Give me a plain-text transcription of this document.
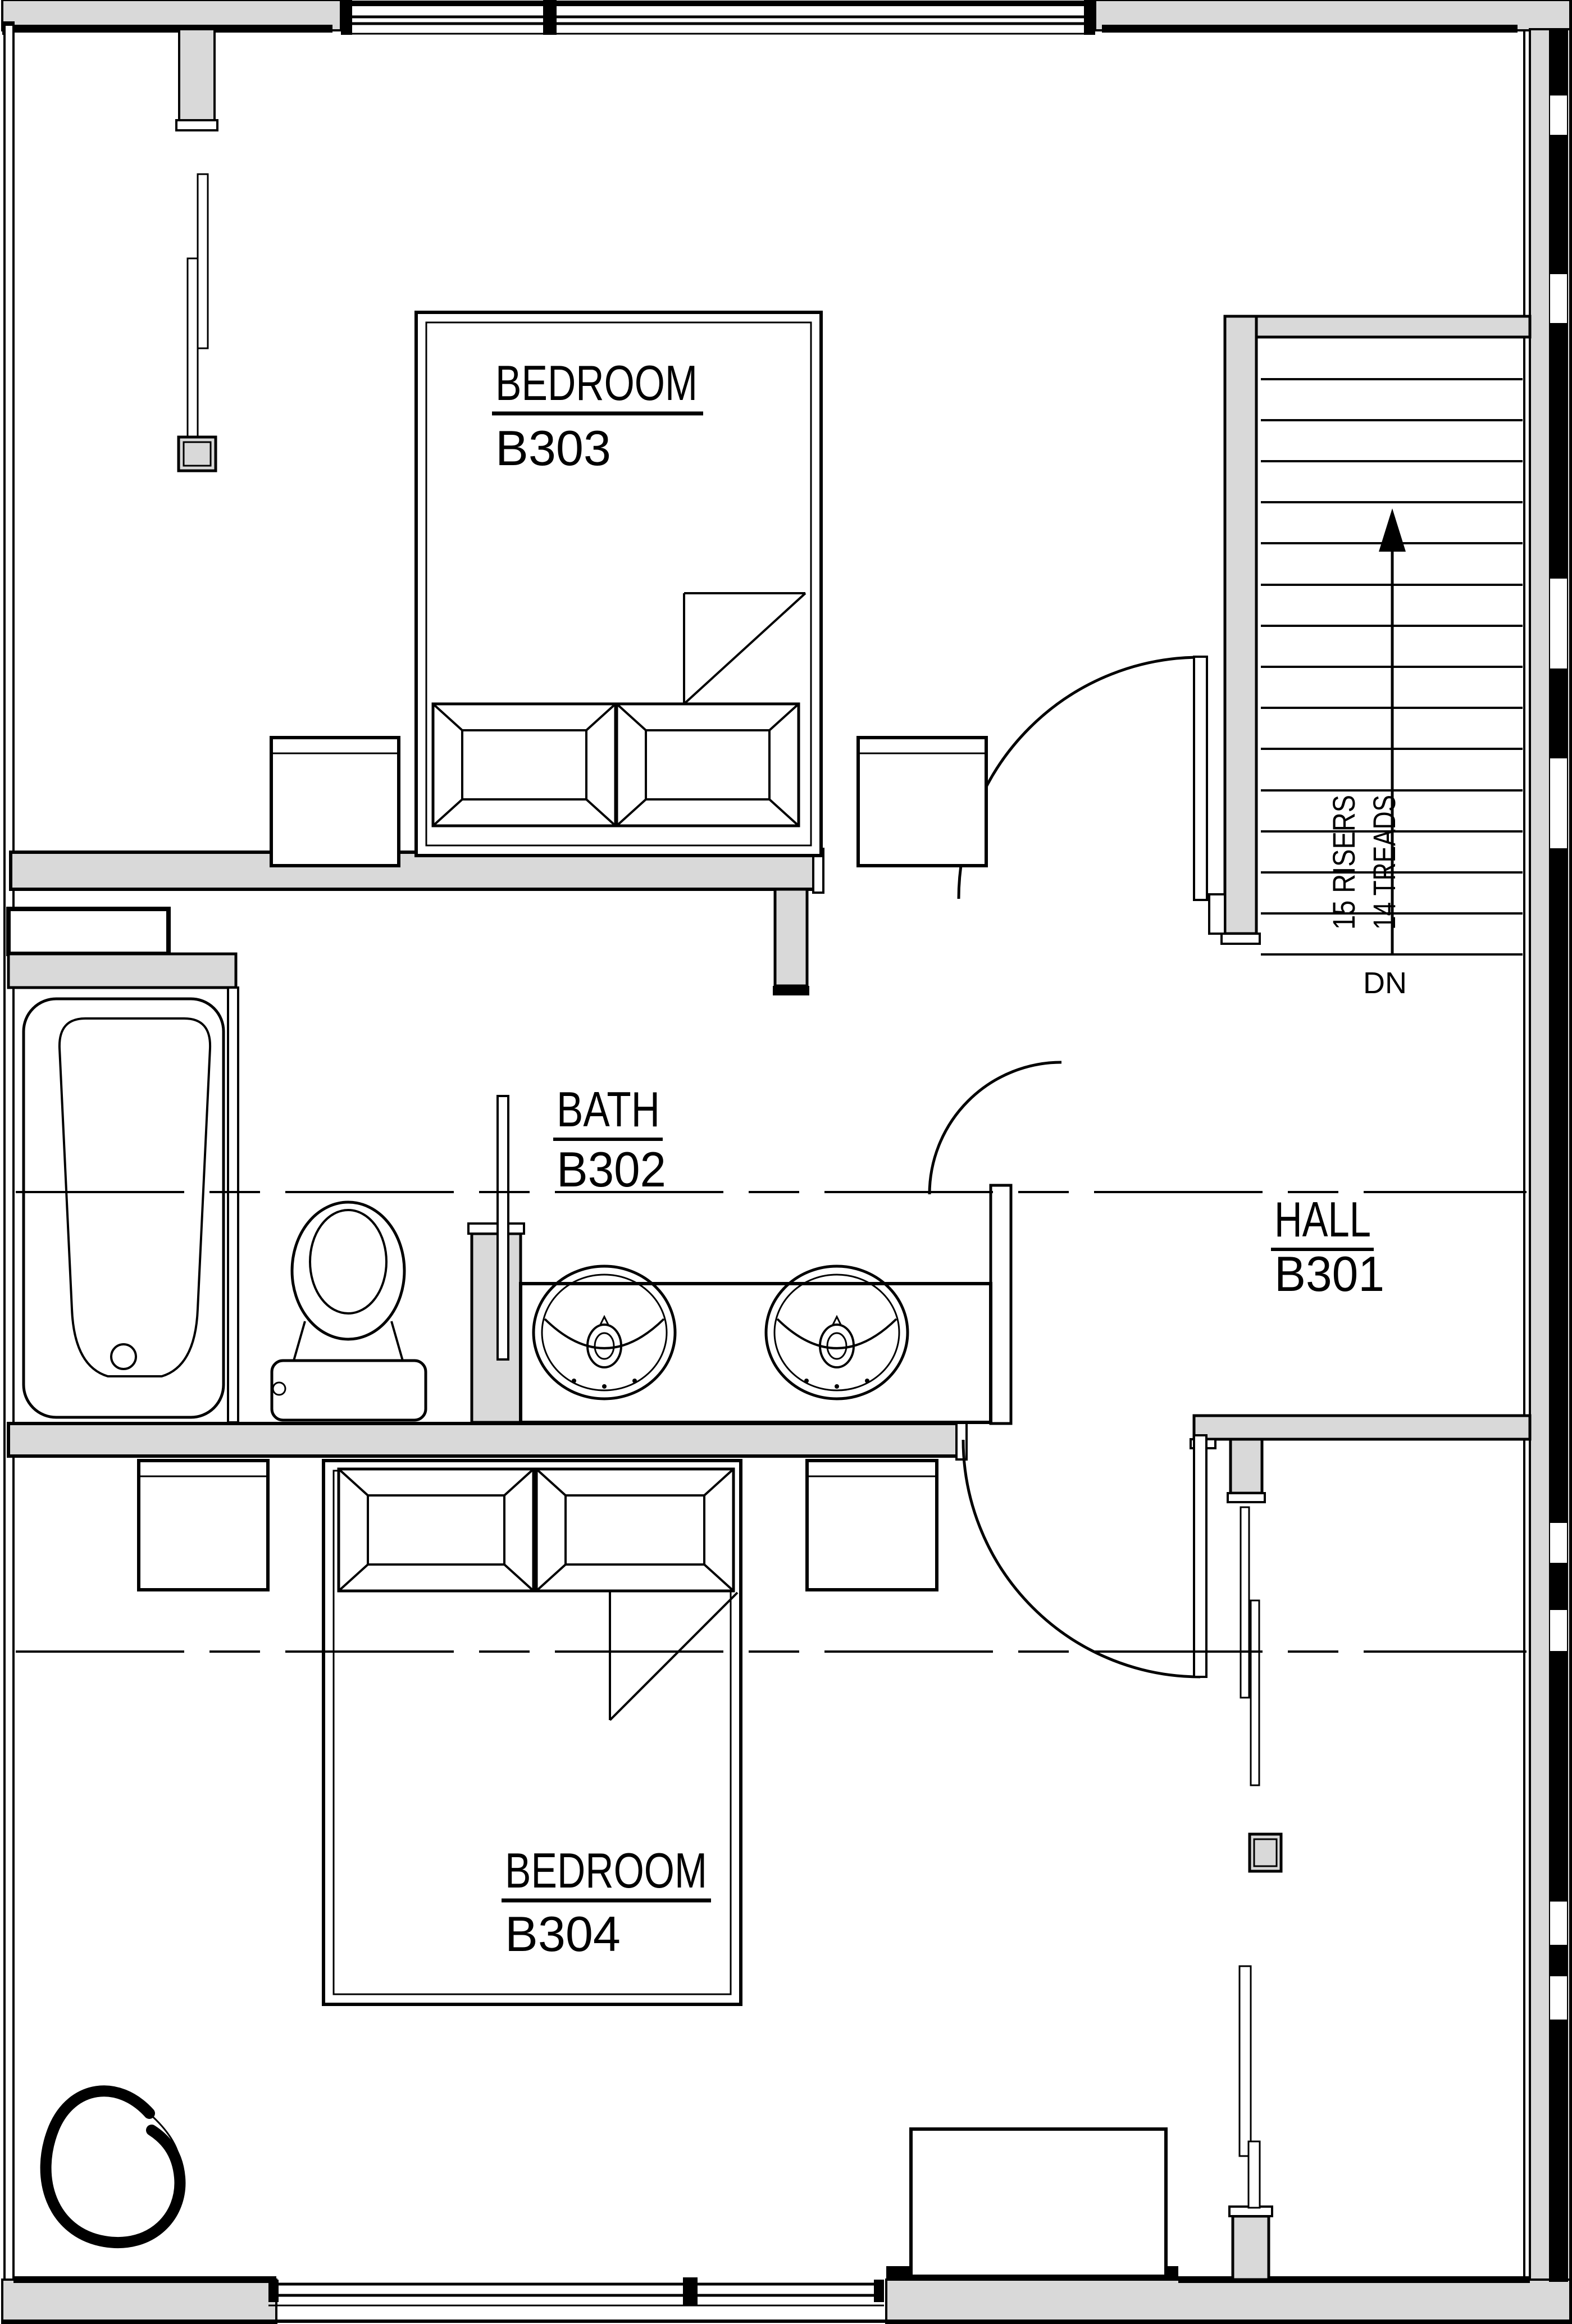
BEDROOM
B303
BATH
B302
HALL
B301
BEDROOM
B304
15 RISERS 14 TREADS
DN
